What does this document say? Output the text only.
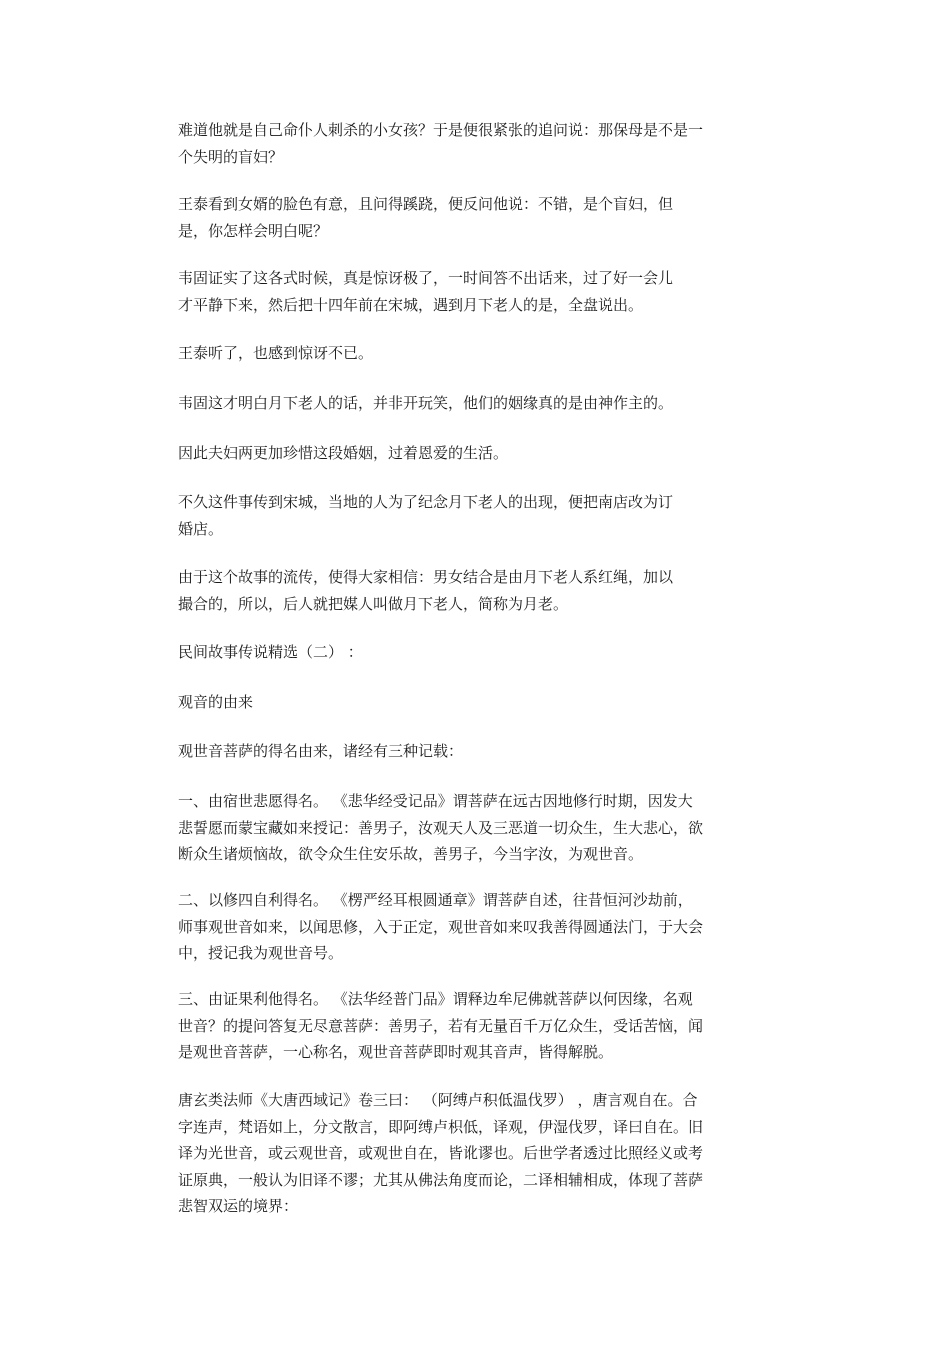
难道他就是自己命仆人刺杀的小女孩？于是便很紧张的追问说：那保母是不是一
个失明的盲妇？
王泰看到女婿的脸色有意，且问得蹊跷，便反问他说：不错，是个盲妇，但
是，你怎样会明白呢？
韦固证实了这各式时候，真是惊讶极了，一时间答不出话来，过了好一会儿
才平静下来，然后把十四年前在宋城，遇到月下老人的是，全盘说出。
王泰听了，也感到惊讶不已。
韦固这才明白月下老人的话，并非开玩笑，他们的姻缘真的是由神作主的。
因此夫妇两更加珍惜这段婚姻，过着恩爱的生活。
不久这件事传到宋城，当地的人为了纪念月下老人的出现，便把南店改为订
婚店。
由于这个故事的流传，使得大家相信：男女结合是由月下老人系红绳，加以
撮合的，所以，后人就把媒人叫做月下老人，简称为月老。
民间故事传说精选（二） ：
观音的由来
观世音菩萨的得名由来，诸经有三种记载：
一、由宿世悲愿得名。 《悲华经受记品》谓菩萨在远古因地修行时期，因发大
悲誓愿而蒙宝藏如来授记：善男子，汝观天人及三恶道一切众生，生大悲心，欲
断众生诸烦恼故，欲令众生住安乐故，善男子，今当字汝，为观世音。
二、以修四自利得名。 《楞严经耳根圆通章》谓菩萨自述，往昔恒河沙劫前，
师事观世音如来，以闻思修，入于正定，观世音如来叹我善得圆通法门，于大会
中，授记我为观世音号。
三、由证果利他得名。 《法华经普门品》谓释边牟尼佛就菩萨以何因缘，名观
世音？的提问答复无尽意菩萨：善男子，若有无量百千万亿众生，受话苦恼，闻
是观世音菩萨，一心称名，观世音菩萨即时观其音声，皆得解脱。
唐玄类法师《大唐西域记》卷三曰： （阿缚卢积低温伐罗） ，唐言观自在。合
字连声，梵语如上，分文散言，即阿缚卢枳低，译观，伊湿伐罗，译曰自在。旧
译为光世音，或云观世音，或观世自在，皆讹谬也。后世学者透过比照经义或考
证原典，一般认为旧译不谬；尤其从佛法角度而论，二译相辅相成，体现了菩萨
悲智双运的境界：
